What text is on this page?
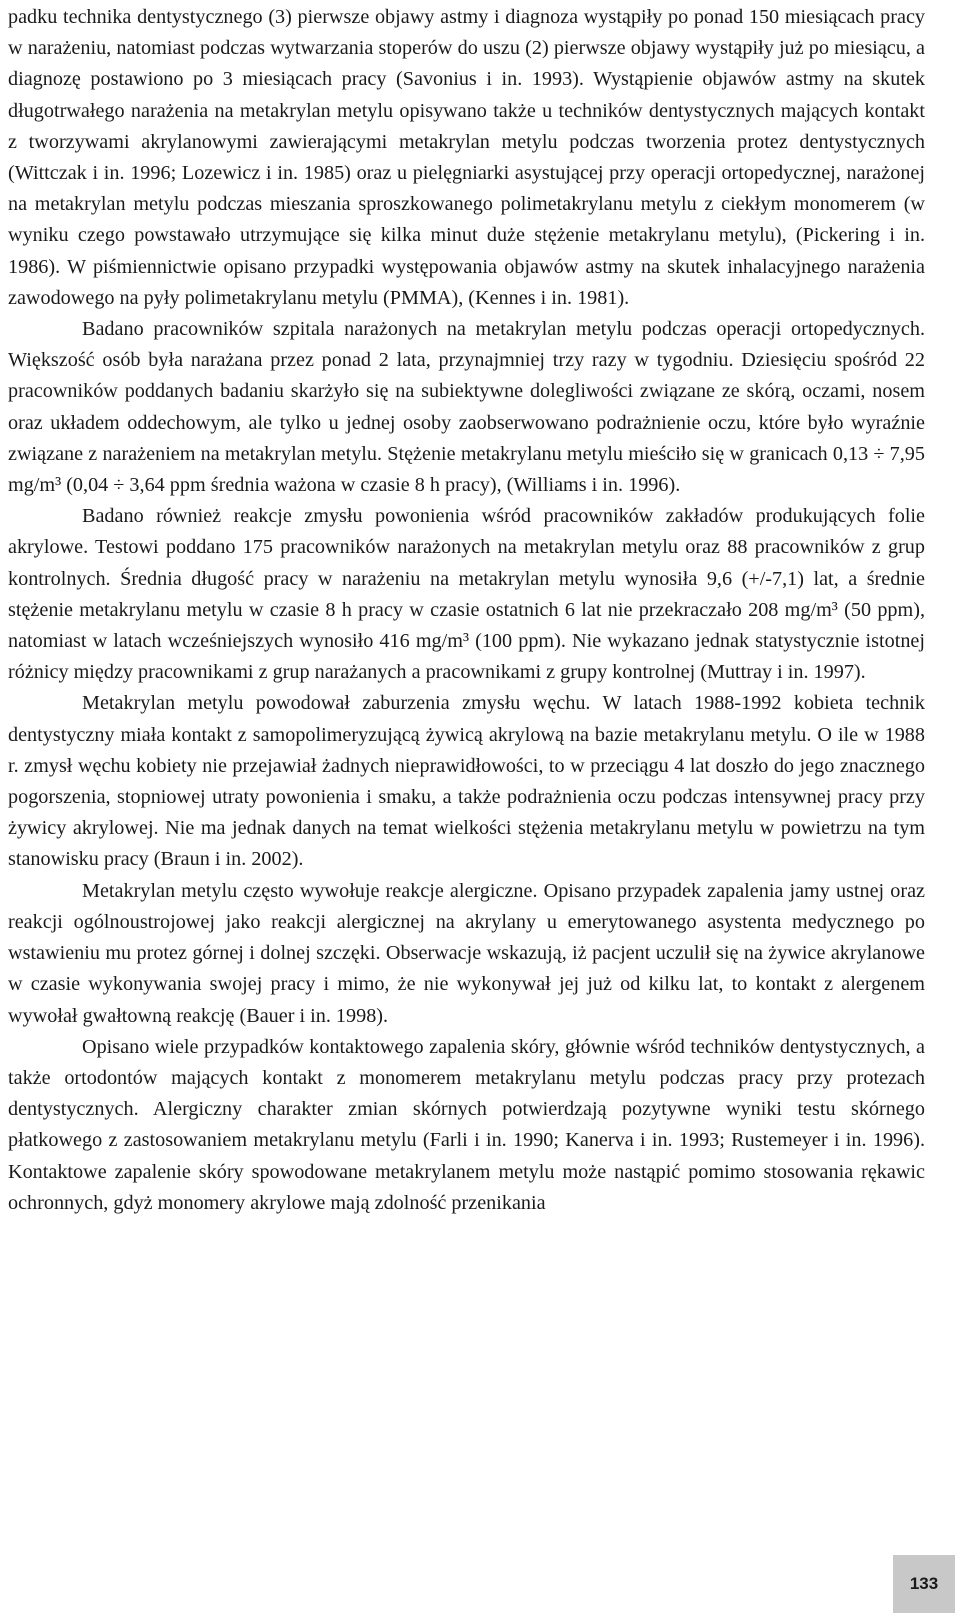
padku technika dentystycznego (3) pierwsze objawy astmy i diagnoza wystąpiły po ponad 150 miesiącach pracy w narażeniu, natomiast podczas wytwarzania stoperów do uszu (2) pierwsze objawy wystąpiły już po miesiącu, a diagnozę postawiono po 3 miesiącach pracy (Savonius i in. 1993). Wystąpienie objawów astmy na skutek długotrwałego narażenia na metakrylan metylu opisywano także u techników dentystycznych mających kontakt z tworzywami akrylanowymi zawierającymi metakrylan metylu podczas tworzenia protez dentystycznych (Wittczak i in. 1996; Lozewicz i in. 1985) oraz u pielęgniarki asystującej przy operacji ortopedycznej, narażonej na metakrylan metylu podczas mieszania sproszkowanego polimetakrylanu metylu z ciekłym monomerem (w wyniku czego powstawało utrzymujące się kilka minut duże stężenie metakrylanu metylu), (Pickering i in. 1986). W piśmiennictwie opisano przypadki występowania objawów astmy na skutek inhalacyjnego narażenia zawodowego na pyły polimetakrylanu metylu (PMMA), (Kennes i in. 1981).

Badano pracowników szpitala narażonych na metakrylan metylu podczas operacji ortopedycznych. Większość osób była narażana przez ponad 2 lata, przynajmniej trzy razy w tygodniu. Dziesięciu spośród 22 pracowników poddanych badaniu skarżyło się na subiektywne dolegliwości związane ze skórą, oczami, nosem oraz układem oddechowym, ale tylko u jednej osoby zaobserwowano podrażnienie oczu, które było wyraźnie związane z narażeniem na metakrylan metylu. Stężenie metakrylanu metylu mieściło się w granicach 0,13 ÷ 7,95 mg/m³ (0,04 ÷ 3,64 ppm średnia ważona w czasie 8 h pracy), (Williams i in. 1996).

Badano również reakcje zmysłu powonienia wśród pracowników zakładów produkujących folie akrylowe. Testowi poddano 175 pracowników narażonych na metakrylan metylu oraz 88 pracowników z grup kontrolnych. Średnia długość pracy w narażeniu na metakrylan metylu wynosiła 9,6 (+/-7,1) lat, a średnie stężenie metakrylanu metylu w czasie 8 h pracy w czasie ostatnich 6 lat nie przekraczało 208 mg/m³ (50 ppm), natomiast w latach wcześniejszych wynosiło 416 mg/m³ (100 ppm). Nie wykazano jednak statystycznie istotnej różnicy między pracownikami z grup narażanych a pracownikami z grupy kontrolnej (Muttray i in. 1997).

Metakrylan metylu powodował zaburzenia zmysłu węchu. W latach 1988-1992 kobieta technik dentystyczny miała kontakt z samopolimeryzującą żywicą akrylową na bazie metakrylanu metylu. O ile w 1988 r. zmysł węchu kobiety nie przejawiał żadnych nieprawidłowości, to w przeciągu 4 lat doszło do jego znacznego pogorszenia, stopniowej utraty powonienia i smaku, a także podrażnienia oczu podczas intensywnej pracy przy żywicy akrylowej. Nie ma jednak danych na temat wielkości stężenia metakrylanu metylu w powietrzu na tym stanowisku pracy (Braun i in. 2002).

Metakrylan metylu często wywołuje reakcje alergiczne. Opisano przypadek zapalenia jamy ustnej oraz reakcji ogólnoustrojowej jako reakcji alergicznej na akrylany u emerytowanego asystenta medycznego po wstawieniu mu protez górnej i dolnej szczęki. Obserwacje wskazują, iż pacjent uczulił się na żywice akrylanowe w czasie wykonywania swojej pracy i mimo, że nie wykonywał jej już od kilku lat, to kontakt z alergenem wywołał gwałtowną reakcję (Bauer i in. 1998).

Opisano wiele przypadków kontaktowego zapalenia skóry, głównie wśród techników dentystycznych, a także ortodontów mających kontakt z monomerem metakrylanu metylu podczas pracy przy protezach dentystycznych. Alergiczny charakter zmian skórnych potwierdzają pozytywne wyniki testu skórnego płatkowego z zastosowaniem metakrylanu metylu (Farli i in. 1990; Kanerva i in. 1993; Rustemeyer i in. 1996). Kontaktowe zapalenie skóry spowodowane metakrylanem metylu może nastąpić pomimo stosowania rękawic ochronnych, gdyż monomery akrylowe mają zdolność przenikania

133
